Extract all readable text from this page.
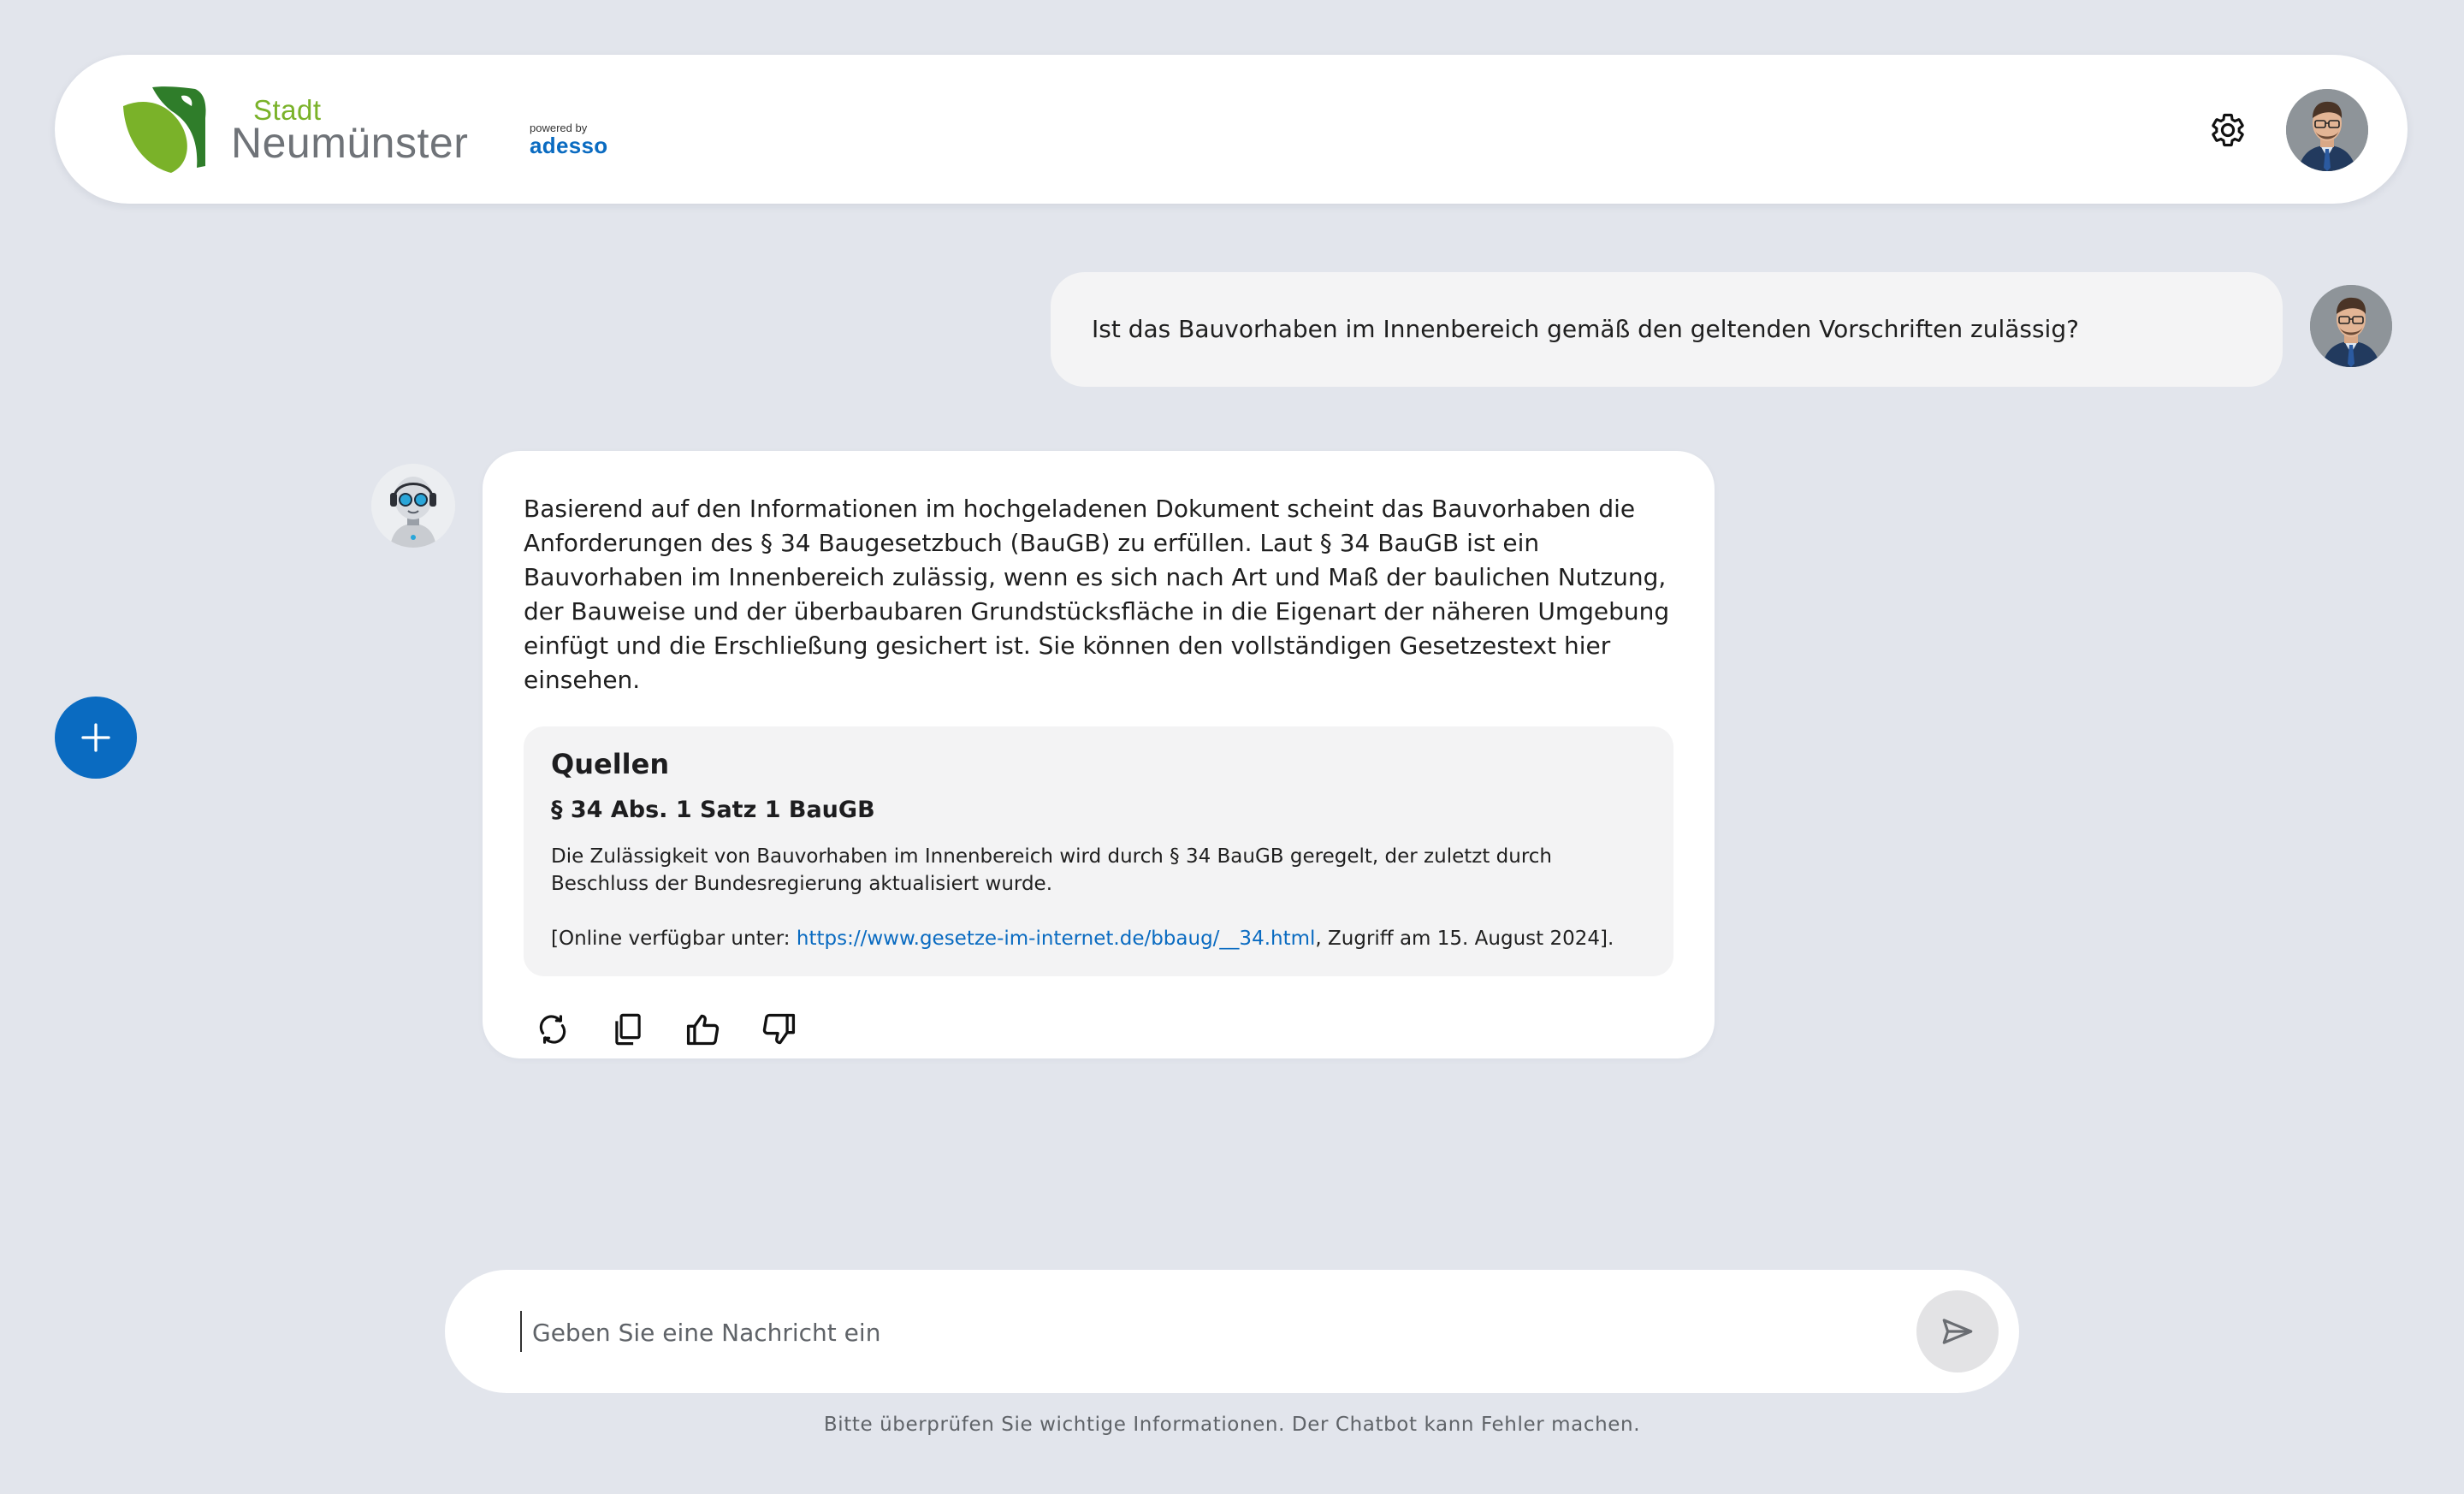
Stadt
Neumünster	powered by
adesso
Ist das Bauvorhaben im Innenbereich gemäß den geltenden Vorschriften zulässig?

Basierend auf den Informationen im hochgeladenen Dokument scheint das Bauvorhaben die Anforderungen des § 34 Baugesetzbuch (BauGB) zu erfüllen. Laut § 34 BauGB ist ein Bauvorhaben im Innenbereich zulässig, wenn es sich nach Art und Maß der baulichen Nutzung, der Bauweise und der überbaubaren Grundstücksfläche in die Eigenart der näheren Umgebung einfügt und die Erschließung gesichert ist. Sie können den vollständigen Gesetzestext hier einsehen.

Quellen

§ 34 Abs. 1 Satz 1 BauGB

Die Zulässigkeit von Bauvorhaben im Innenbereich wird durch § 34 BauGB geregelt, der zuletzt durch Beschluss der Bundesregierung aktualisiert wurde.

[Online verfügbar unter: https://www.gesetze-im-internet.de/bbaug/__34.html, Zugriff am 15. August 2024].

Geben Sie eine Nachricht ein
Bitte überprüfen Sie wichtige Informationen. Der Chatbot kann Fehler machen.
